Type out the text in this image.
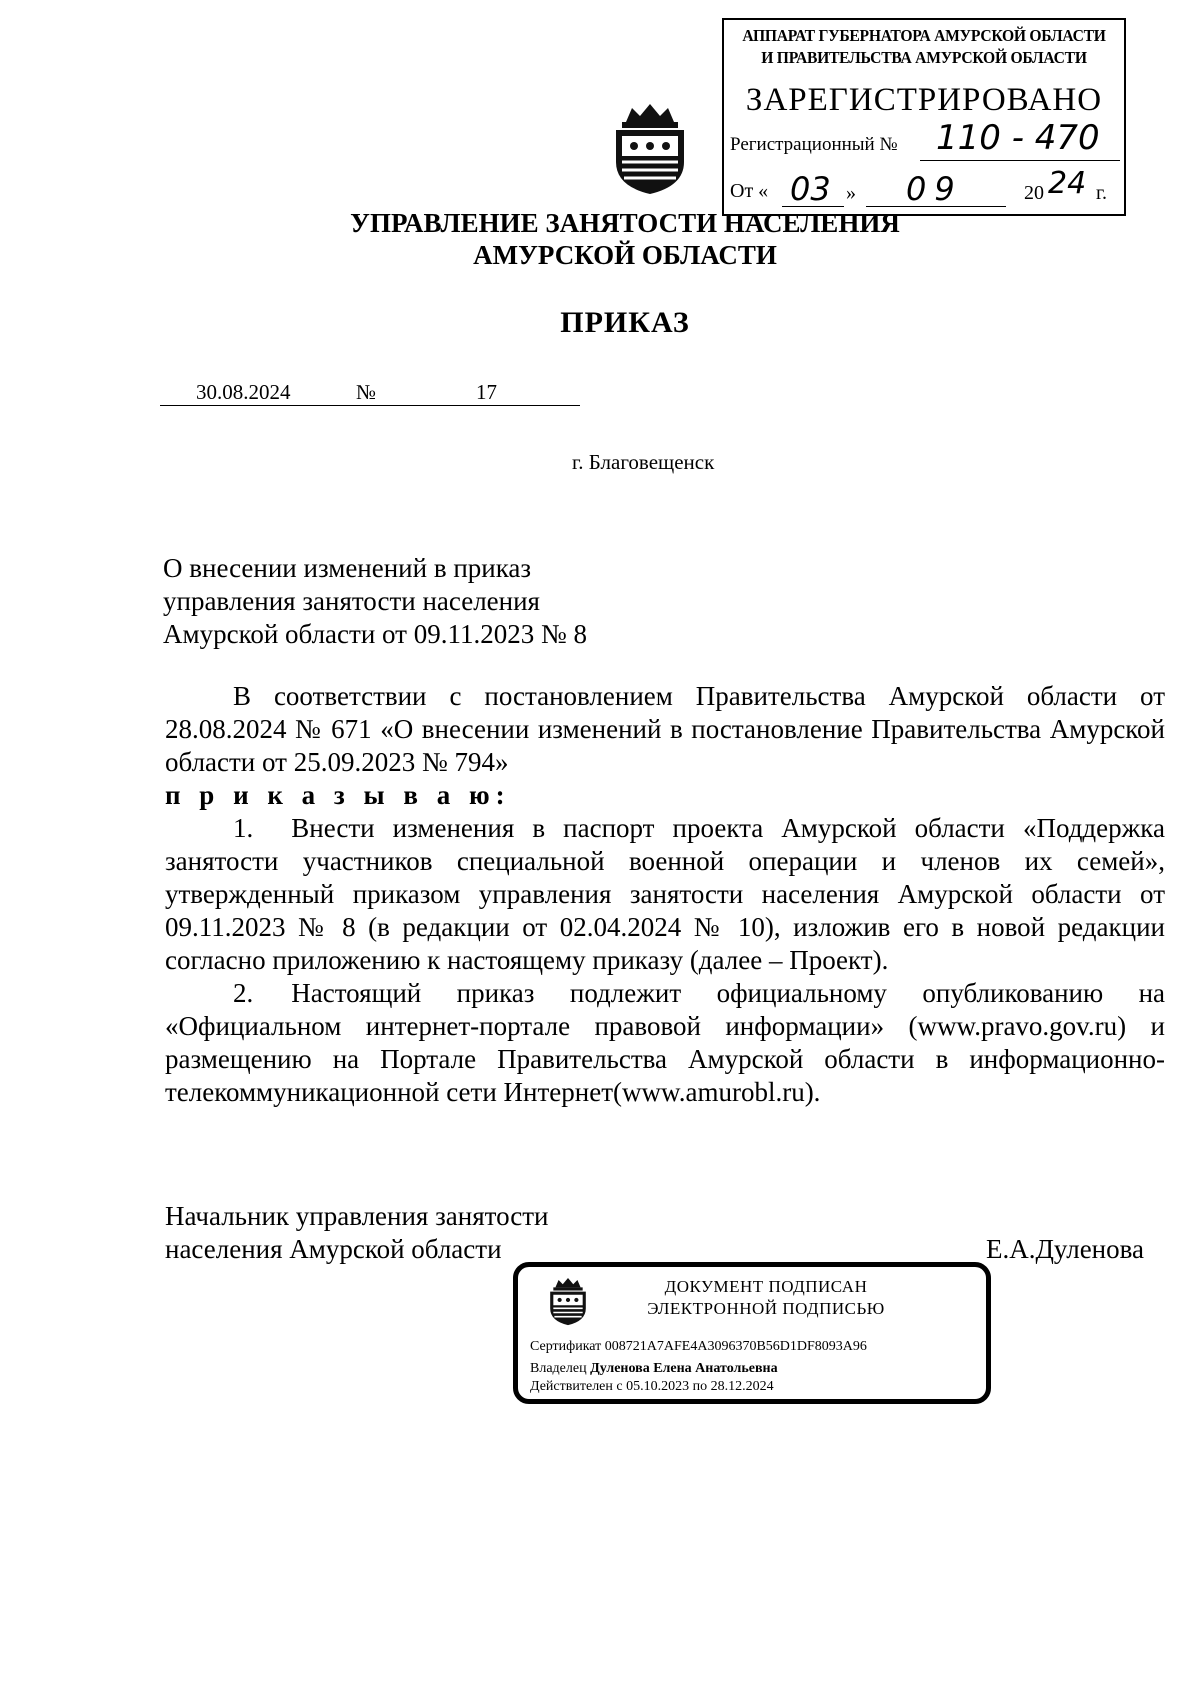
АППАРАТ ГУБЕРНАТОРА АМУРСКОЙ ОБЛАСТИ
И ПРАВИТЕЛЬСТВА АМУРСКОЙ ОБЛАСТИ
ЗАРЕГИСТРИРОВАНО
Регистрационный № 110 - 470
От « 03 » 09	20 24 г.
УПРАВЛЕНИЕ ЗАНЯТОСТИ НАСЕЛЕНИЯ
АМУРСКОЙ ОБЛАСТИ
ПРИКАЗ
30.08.2024	№	17
г. Благовещенск
О внесении изменений в приказ
управления занятости населения
Амурской области от 09.11.2023 № 8
В соответствии с постановлением Правительства Амурской области от 28.08.2024 № 671 «О внесении изменений в постановление Правительства Амурской области от 25.09.2023 № 794»
п р и к а з ы в а ю:
1. Внести изменения в паспорт проекта Амурской области «Поддержка занятости участников специальной военной операции и членов их семей», утвержденный приказом управления занятости населения Амурской области от 09.11.2023 № 8 (в редакции от 02.04.2024 № 10), изложив его в новой редакции согласно приложению к настоящему приказу (далее – Проект).
2. Настоящий приказ подлежит официальному опубликованию на «Официальном интернет-портале правовой информации» (www.pravo.gov.ru) и размещению на Портале Правительства Амурской области в информационно-телекоммуникационной сети Интернет(www.amurobl.ru).
Начальник управления занятости
населения Амурской области	Е.А.Дуленова
ДОКУМЕНТ ПОДПИСАН
ЭЛЕКТРОННОЙ ПОДПИСЬЮ
Сертификат 008721A7AFE4A3096370B56D1DF8093A96
Владелец Дуленова Елена Анатольевна
Действителен с 05.10.2023 по 28.12.2024
